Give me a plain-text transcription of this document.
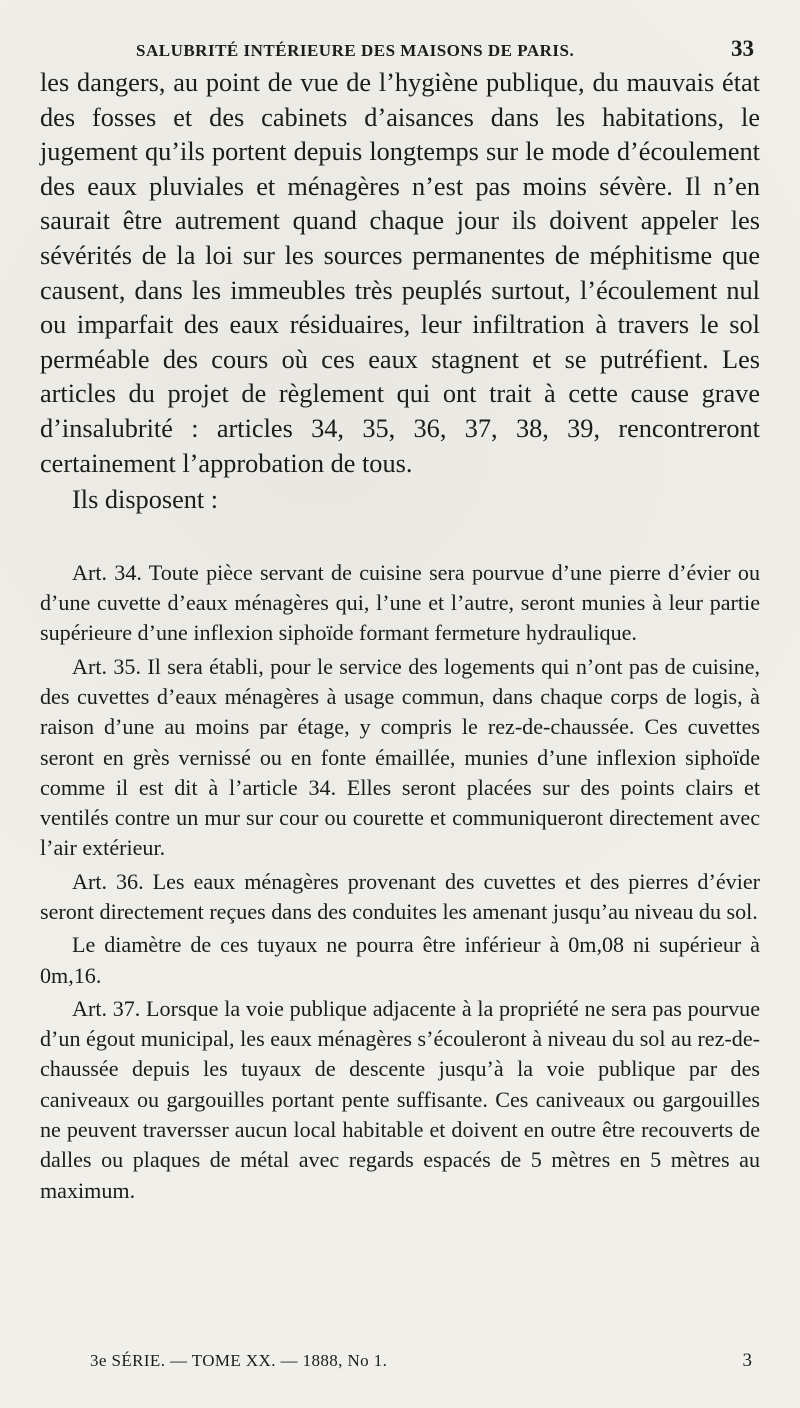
SALUBRITÉ INTÉRIEURE DES MAISONS DE PARIS.	33

les dangers, au point de vue de l’hygiène publique, du mauvais état des fosses et des cabinets d’aisances dans les habitations, le jugement qu’ils portent depuis longtemps sur le mode d’écoulement des eaux pluviales et ménagères n’est pas moins sévère. Il n’en saurait être autrement quand chaque jour ils doivent appeler les sévérités de la loi sur les sources permanentes de méphitisme que causent, dans les immeubles très peuplés surtout, l’écoulement nul ou imparfait des eaux résiduaires, leur infiltration à travers le sol perméable des cours où ces eaux stagnent et se putréfient. Les articles du projet de règlement qui ont trait à cette cause grave d’insalubrité : articles 34, 35, 36, 37, 38, 39, rencontreront certainement l’approbation de tous.

Ils disposent :

Art. 34. Toute pièce servant de cuisine sera pourvue d’une pierre d’évier ou d’une cuvette d’eaux ménagères qui, l’une et l’autre, seront munies à leur partie supérieure d’une inflexion siphoïde formant fermeture hydraulique.

Art. 35. Il sera établi, pour le service des logements qui n’ont pas de cuisine, des cuvettes d’eaux ménagères à usage commun, dans chaque corps de logis, à raison d’une au moins par étage, y compris le rez-de-chaussée. Ces cuvettes seront en grès vernissé ou en fonte émaillée, munies d’une inflexion siphoïde comme il est dit à l’article 34. Elles seront placées sur des points clairs et ventilés contre un mur sur cour ou courette et communiqueront directement avec l’air extérieur.

Art. 36. Les eaux ménagères provenant des cuvettes et des pierres d’évier seront directement reçues dans des conduites les amenant jusqu’au niveau du sol.

Le diamètre de ces tuyaux ne pourra être inférieur à 0m,08 ni supérieur à 0m,16.

Art. 37. Lorsque la voie publique adjacente à la propriété ne sera pas pourvue d’un égout municipal, les eaux ménagères s’écouleront à niveau du sol au rez-de-chaussée depuis les tuyaux de descente jusqu’à la voie publique par des caniveaux ou gargouilles portant pente suffisante. Ces caniveaux ou gargouilles ne peuvent traversser aucun local habitable et doivent en outre être recouverts de dalles ou plaques de métal avec regards espacés de 5 mètres en 5 mètres au maximum.

3e SÉRIE. — TOME XX. — 1888, No 1.	3
